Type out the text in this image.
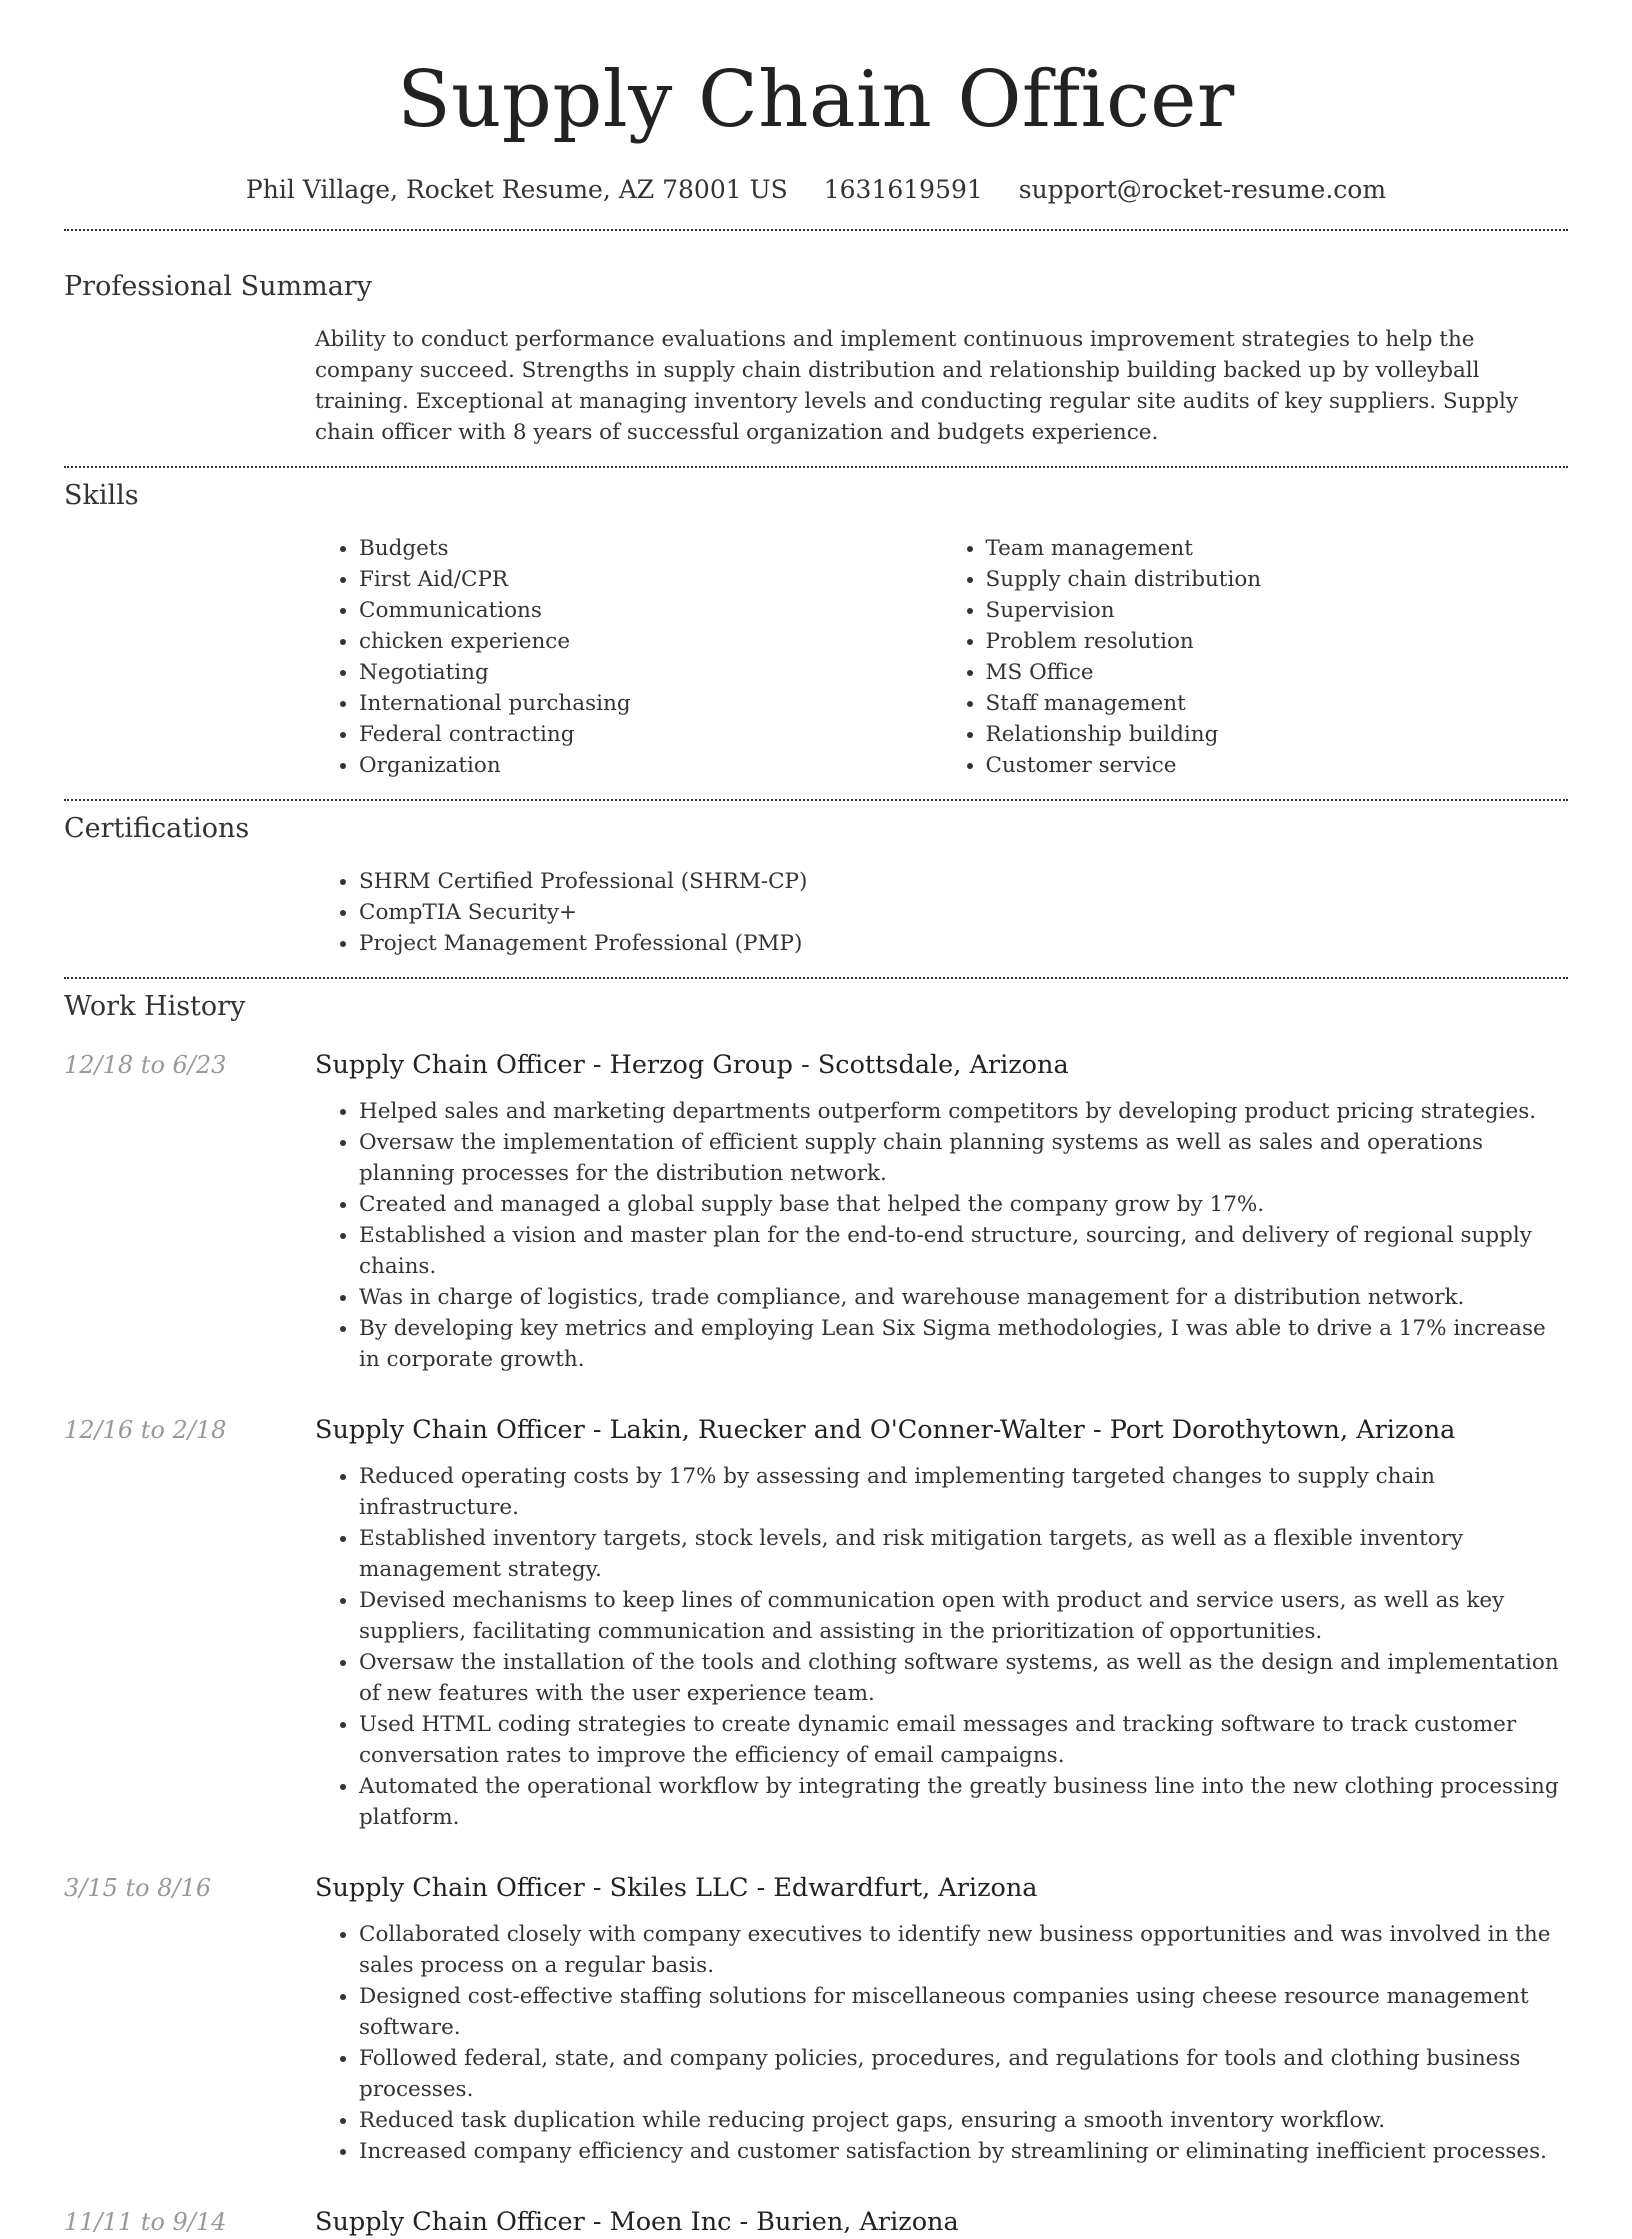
Supply Chain Officer
Phil Village, Rocket Resume, AZ 78001 US 1631619591 support@rocket-resume.com
Professional Summary

Ability to conduct performance evaluations and implement continuous improvement strategies to help the company succeed. Strengths in supply chain distribution and relationship building backed up by volleyball training. Exceptional at managing inventory levels and conducting regular site audits of key suppliers. Supply chain officer with 8 years of successful organization and budgets experience.

Skills
• Budgets
• First Aid/CPR
• Communications
• chicken experience
• Negotiating
• International purchasing
• Federal contracting
• Organization
• Team management
• Supply chain distribution
• Supervision
• Problem resolution
• MS Office
• Staff management
• Relationship building
• Customer service
Certifications
• SHRM Certified Professional (SHRM-CP)
• CompTIA Security+
• Project Management Professional (PMP)
Work History
12/18 to 6/23	Supply Chain Officer - Herzog Group - Scottsdale, Arizona
• Helped sales and marketing departments outperform competitors by developing product pricing strategies.
• Oversaw the implementation of efficient supply chain planning systems as well as sales and operations planning processes for the distribution network.
• Created and managed a global supply base that helped the company grow by 17%.
• Established a vision and master plan for the end-to-end structure, sourcing, and delivery of regional supply chains.
• Was in charge of logistics, trade compliance, and warehouse management for a distribution network.
• By developing key metrics and employing Lean Six Sigma methodologies, I was able to drive a 17% increase in corporate growth.
12/16 to 2/18	Supply Chain Officer - Lakin, Ruecker and O'Conner-Walter - Port Dorothytown, Arizona
• Reduced operating costs by 17% by assessing and implementing targeted changes to supply chain infrastructure.
• Established inventory targets, stock levels, and risk mitigation targets, as well as a flexible inventory management strategy.
• Devised mechanisms to keep lines of communication open with product and service users, as well as key suppliers, facilitating communication and assisting in the prioritization of opportunities.
• Oversaw the installation of the tools and clothing software systems, as well as the design and implementation of new features with the user experience team.
• Used HTML coding strategies to create dynamic email messages and tracking software to track customer conversation rates to improve the efficiency of email campaigns.
• Automated the operational workflow by integrating the greatly business line into the new clothing processing platform.
3/15 to 8/16	Supply Chain Officer - Skiles LLC - Edwardfurt, Arizona
• Collaborated closely with company executives to identify new business opportunities and was involved in the sales process on a regular basis.
• Designed cost-effective staffing solutions for miscellaneous companies using cheese resource management software.
• Followed federal, state, and company policies, procedures, and regulations for tools and clothing business processes.
• Reduced task duplication while reducing project gaps, ensuring a smooth inventory workflow.
• Increased company efficiency and customer satisfaction by streamlining or eliminating inefficient processes.
11/11 to 9/14	Supply Chain Officer - Moen Inc - Burien, Arizona
